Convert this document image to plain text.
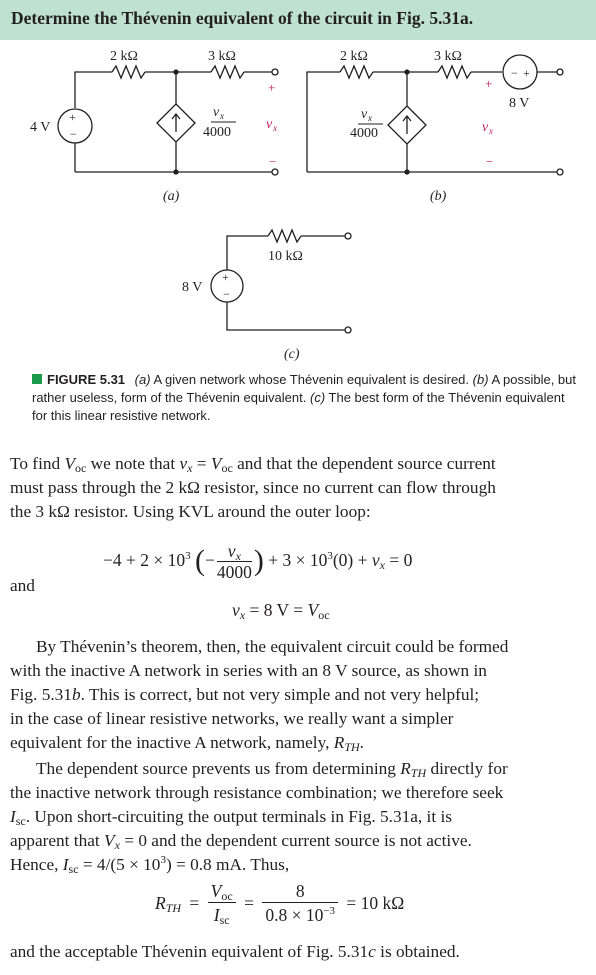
Determine the Thévenin equivalent of the circuit in Fig. 5.31a.
2 kΩ	3 kΩ
4 V
+
−
v x
4000
+
v x
−
(a)
2 kΩ	3 kΩ
− +
8 V
v x
4000
+
v x
−
(b)
10 kΩ
8 V
+
−
(c)
FIGURE 5.31 (a) A given network whose Thévenin equivalent is desired. (b) A possible, but rather useless, form of the Thévenin equivalent. (c) The best form of the Thévenin equivalent for this linear resistive network.
To find $V_{oc}$ we note that $v_x = V_{oc}$ and that the dependent source current
must pass through the 2 kΩ resistor, since no current can flow through
the 3 kΩ resistor. Using KVL around the outer loop:
$-4 + 2 \times 10^3$ (− $\frac{v_x}{4000}$ ) + $3 \times 10^3(0) + v_x = 0$
and
$v_x = 8$ $V = V_{oc}$
By Thévenin’s theorem, then, the equivalent circuit could be formed
with the inactive A network in series with an 8 V source, as shown in
Fig. 5.31b. This is correct, but not very simple and not very helpful;
in the case of linear resistive networks, we really want a simpler
equivalent for the inactive A network, namely, $R_{TH}$.
The dependent source prevents us from determining $R_{TH}$ directly for
the inactive network through resistance combination; we therefore seek
$I_{sc}$. Upon short-circuiting the output terminals in Fig. 5.31a, it is
apparent that $V_x = 0$ and the dependent current source is not active.
Hence, $I_{sc} = 4/(5 \times 10^3) = 0.8$ mA. Thus,
$R_{TH}$ =
$V_{oc}$
$I_{sc}$
= $\frac{8}{0.8 \times 10^{-3}} = 10$ kΩ
and the acceptable Thévenin equivalent of Fig. 5.31c is obtained.
